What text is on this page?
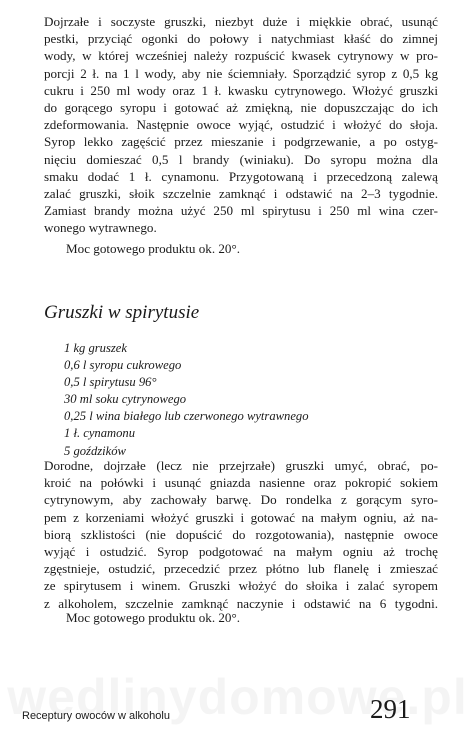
Dojrzałe i soczyste gruszki, niezbyt duże i miękkie obrać, usunąć
pestki, przyciąć ogonki do połowy i natychmiast kłaść do zimnej
wody, w której wcześniej należy rozpuścić kwasek cytrynowy w pro-
porcji 2 ł. na 1 l wody, aby nie ściemniały. Sporządzić syrop z 0,5 kg
cukru i 250 ml wody oraz 1 ł. kwasku cytrynowego. Włożyć gruszki
do gorącego syropu i gotować aż zmiękną, nie dopuszczając do ich
zdeformowania. Następnie owoce wyjąć, ostudzić i włożyć do słoja.
Syrop lekko zagęścić przez mieszanie i podgrzewanie, a po ostyg-
nięciu domieszać 0,5 l brandy (winiaku). Do syropu można dla
smaku dodać 1 ł. cynamonu. Przygotowaną i przecedzoną zalewą
zalać gruszki, słoik szczelnie zamknąć i odstawić na 2–3 tygodnie.
Zamiast brandy można użyć 250 ml spirytusu i 250 ml wina czer-
wonego wytrawnego.
Moc gotowego produktu ok. 20°.
Gruszki w spirytusie
1 kg gruszek
0,6 l syropu cukrowego
0,5 l spirytusu 96°
30 ml soku cytrynowego
0,25 l wina białego lub czerwonego wytrawnego
1 ł. cynamonu
5 goździków
Dorodne, dojrzałe (lecz nie przejrzałe) gruszki umyć, obrać, po-
kroić na połówki i usunąć gniazda nasienne oraz pokropić sokiem
cytrynowym, aby zachowały barwę. Do rondelka z gorącym syro-
pem z korzeniami włożyć gruszki i gotować na małym ogniu, aż na-
biorą szklistości (nie dopuścić do rozgotowania), następnie owoce
wyjąć i ostudzić. Syrop podgotować na małym ogniu aż trochę
zgęstnieje, ostudzić, przecedzić przez płótno lub flanelę i zmieszać
ze spirytusem i winem. Gruszki włożyć do słoika i zalać syropem
z alkoholem, szczelnie zamknąć naczynie i odstawić na 6 tygodni.
Moc gotowego produktu ok. 20°.
Receptury owoców w alkoholu	291
